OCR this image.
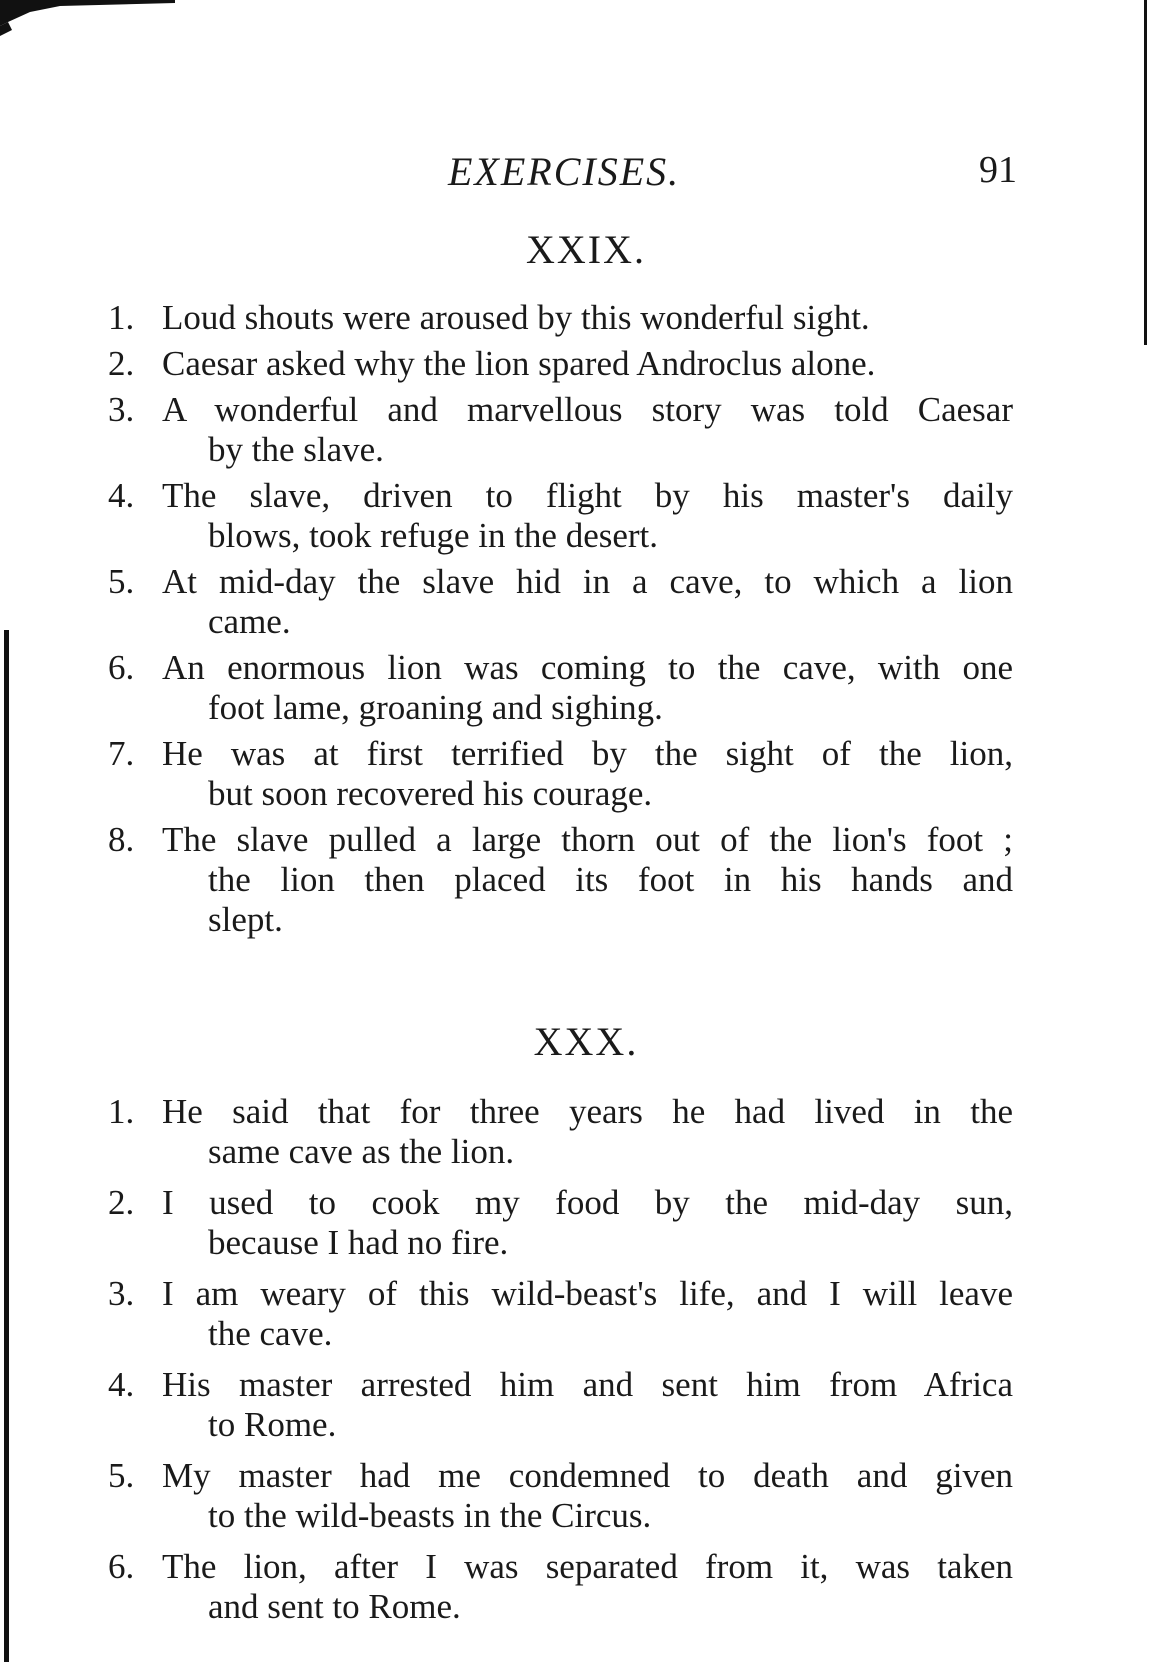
EXERCISES.	91
XXIX.
1. Loud shouts were aroused by this wonderful sight.
2. Caesar asked why the lion spared Androclus alone.
3. A wonderful and marvellous story was told Caesar
by the slave.
4. The slave, driven to flight by his master's daily
blows, took refuge in the desert.
5. At mid-day the slave hid in a cave, to which a lion
came.
6. An enormous lion was coming to the cave, with one
foot lame, groaning and sighing.
7. He was at first terrified by the sight of the lion,
but soon recovered his courage.
8. The slave pulled a large thorn out of the lion's foot ;
the lion then placed its foot in his hands and
slept.
XXX.
1. He said that for three years he had lived in the
same cave as the lion.
2. I used to cook my food by the mid-day sun,
because I had no fire.
3. I am weary of this wild-beast's life, and I will leave
the cave.
4. His master arrested him and sent him from Africa
to Rome.
5. My master had me condemned to death and given
to the wild-beasts in the Circus.
6. The lion, after I was separated from it, was taken
and sent to Rome.
